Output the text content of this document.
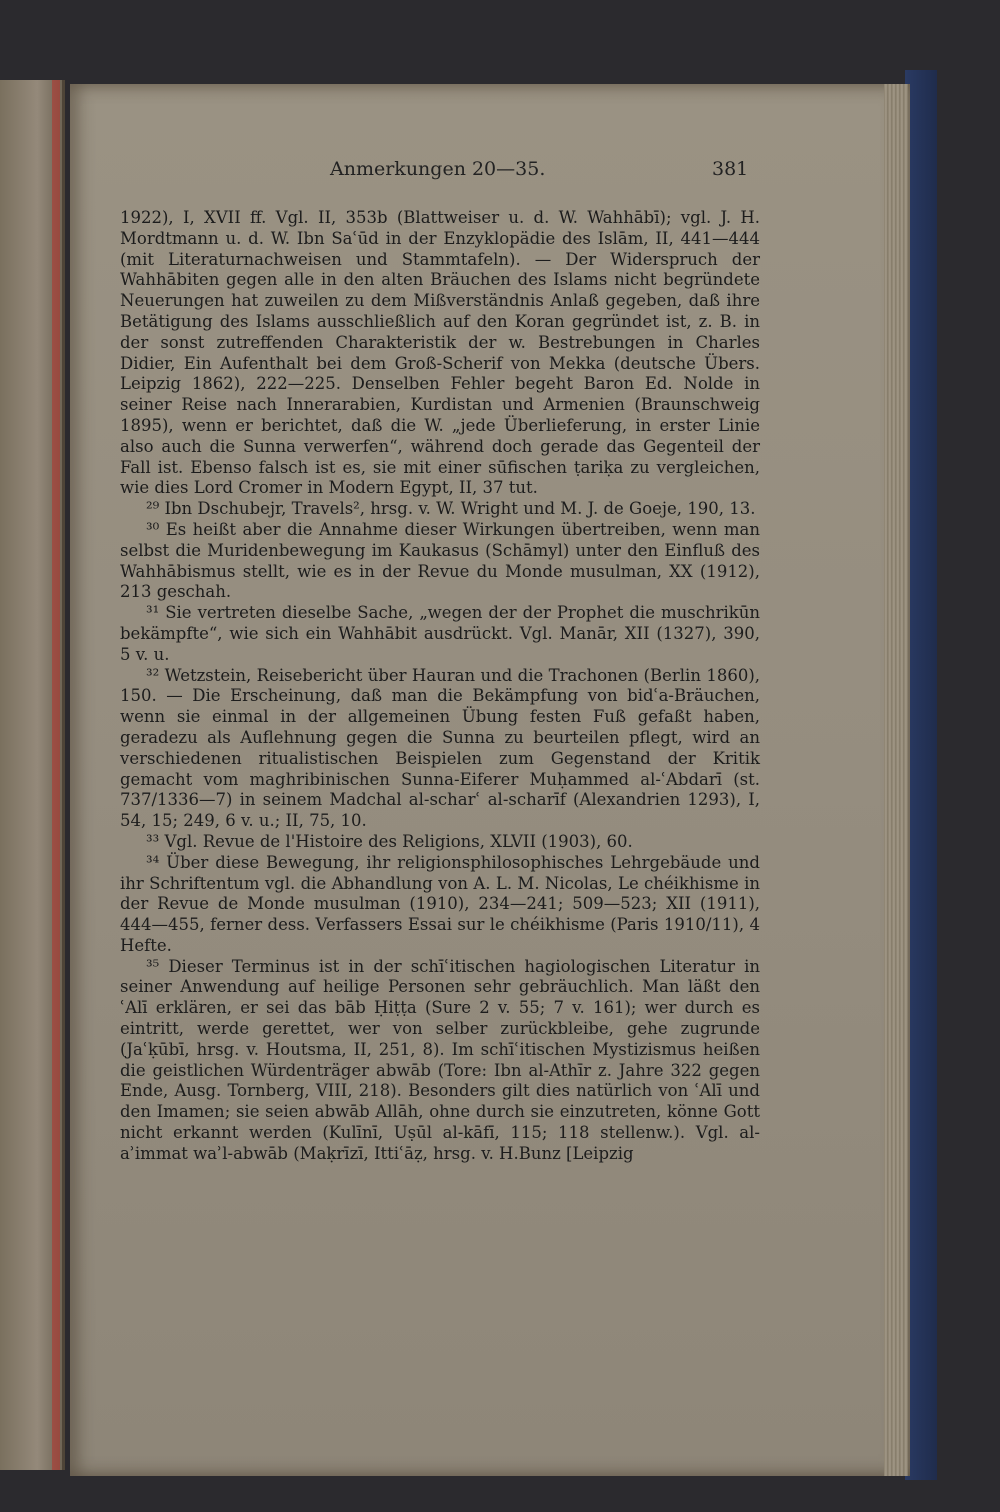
Anmerkungen 20—35.	381

1922), I, XVII ff. Vgl. II, 353b (Blattweiser u. d. W. Wahhābī); vgl. J. H. Mordtmann u. d. W. Ibn Saʿūd in der Enzyklopädie des Islām, II, 441—444 (mit Literaturnachweisen und Stammtafeln). — Der Widerspruch der Wahhābiten gegen alle in den alten Bräuchen des Islams nicht begründete Neuerungen hat zuweilen zu dem Mißverständnis Anlaß gegeben, daß ihre Betätigung des Islams ausschließlich auf den Koran gegründet ist, z. B. in der sonst zutreffenden Charakteristik der w. Bestrebungen in Charles Didier, Ein Aufenthalt bei dem Groß-Scherif von Mekka (deutsche Übers. Leipzig 1862), 222—225. Denselben Fehler begeht Baron Ed. Nolde in seiner Reise nach Innerarabien, Kurdistan und Armenien (Braunschweig 1895), wenn er berichtet, daß die W. „jede Überlieferung, in erster Linie also auch die Sunna verwerfen“, während doch gerade das Gegenteil der Fall ist. Ebenso falsch ist es, sie mit einer sūfischen ṭariḳa zu vergleichen, wie dies Lord Cromer in Modern Egypt, II, 37 tut.

²⁹ Ibn Dschubejr, Travels², hrsg. v. W. Wright und M. J. de Goeje, 190, 13.

³⁰ Es heißt aber die Annahme dieser Wirkungen übertreiben, wenn man selbst die Muridenbewegung im Kaukasus (Schāmyl) unter den Einfluß des Wahhābismus stellt, wie es in der Revue du Monde musulman, XX (1912), 213 geschah.

³¹ Sie vertreten dieselbe Sache, „wegen der der Prophet die muschrikūn bekämpfte“, wie sich ein Wahhābit ausdrückt. Vgl. Manār, XII (1327), 390, 5 v. u.

³² Wetzstein, Reisebericht über Hauran und die Trachonen (Berlin 1860), 150. — Die Erscheinung, daß man die Bekämpfung von bidʿa-Bräuchen, wenn sie einmal in der allgemeinen Übung festen Fuß gefaßt haben, geradezu als Auflehnung gegen die Sunna zu beurteilen pflegt, wird an verschiedenen ritualistischen Beispielen zum Gegenstand der Kritik gemacht vom maghribinischen Sunna-Eiferer Muḥammed al-ʿAbdarī (st. 737/1336—7) in seinem Madchal al-scharʿ al-scharīf (Alexandrien 1293), I, 54, 15; 249, 6 v. u.; II, 75, 10.

³³ Vgl. Revue de l'Histoire des Religions, XLVII (1903), 60.

³⁴ Über diese Bewegung, ihr religionsphilosophisches Lehrgebäude und ihr Schriftentum vgl. die Abhandlung von A. L. M. Nicolas, Le chéikhisme in der Revue de Monde musulman (1910), 234—241; 509—523; XII (1911), 444—455, ferner dess. Verfassers Essai sur le chéikhisme (Paris 1910/11), 4 Hefte.

³⁵ Dieser Terminus ist in der schīʿitischen hagiologischen Literatur in seiner Anwendung auf heilige Personen sehr gebräuchlich. Man läßt den ʿAlī erklären, er sei das bāb Ḥiṭṭa (Sure 2 v. 55; 7 v. 161); wer durch es eintritt, werde gerettet, wer von selber zurückbleibe, gehe zugrunde (Jaʿḳūbī, hrsg. v. Houtsma, II, 251, 8). Im schīʿitischen Mystizismus heißen die geistlichen Würdenträger abwāb (Tore: Ibn al-Athīr z. Jahre 322 gegen Ende, Ausg. Tornberg, VIII, 218). Besonders gilt dies natürlich von ʿAlī und den Imamen; sie seien abwāb Allāh, ohne durch sie einzutreten, könne Gott nicht erkannt werden (Kulīnī, Uṣūl al-kāfī, 115; 118 stellenw.). Vgl. al-aʾimmat waʾl-abwāb (Maḳrīzī, Ittiʿāẓ, hrsg. v. H.Bunz [Leipzig
